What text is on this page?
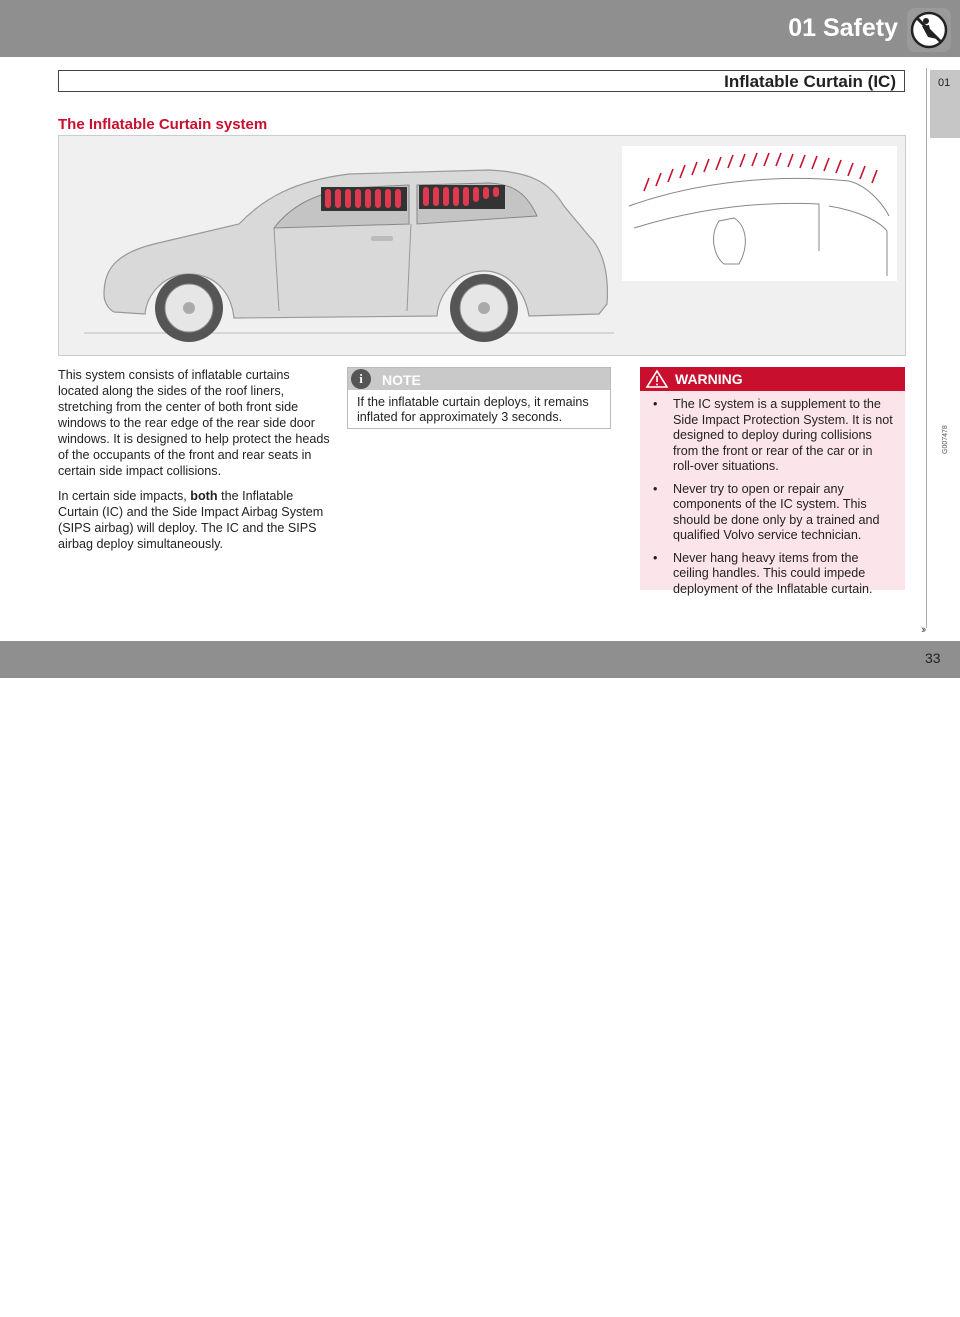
01 Safety
Inflatable Curtain (IC)	01
The Inflatable Curtain system
G007478

This system consists of inflatable curtains located along the sides of the roof liners, stretching from the center of both front side windows to the rear edge of the rear side door windows. It is designed to help protect the heads of the occupants of the front and rear seats in certain side impact collisions.

In certain side impacts, both the Inflatable Curtain (IC) and the Side Impact Airbag System (SIPS airbag) will deploy. The IC and the SIPS airbag deploy simultaneously.

i	NOTE
If the inflatable curtain deploys, it remains inflated for approximately 3 seconds.
WARNING
• The IC system is a supplement to the Side Impact Protection System. It is not designed to deploy during collisions from the front or rear of the car or in roll-over situations.
• Never try to open or repair any components of the IC system. This should be done only by a trained and qualified Volvo service technician.
• Never hang heavy items from the ceiling handles. This could impede deployment of the Inflatable curtain.
››
carmanualsonline.info
33
